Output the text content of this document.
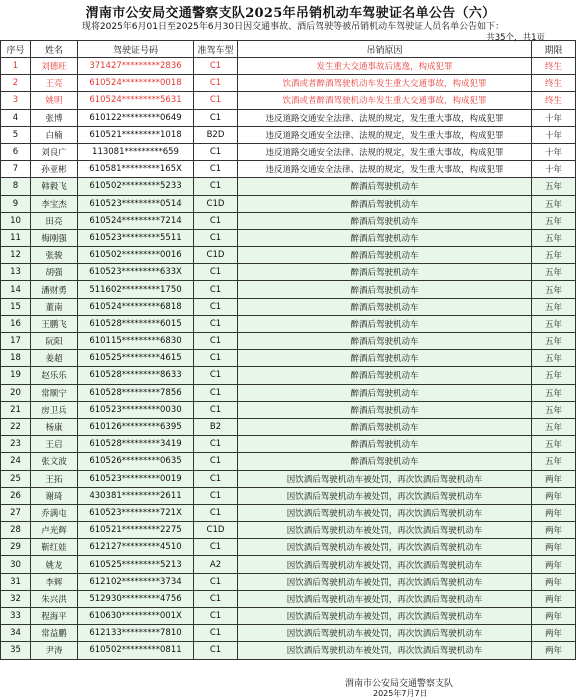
渭南市公安局交通警察支队2025年吊销机动车驾驶证名单公告（六）
现将2025年6月01日至2025年6月30日因交通事故、酒后驾驶等被吊销机动车驾驶证人员名单公告如下：
共35个，共1页
序号	姓名	驾驶证号码	准驾车型	吊销原因	期限
1	刘德旺	371427*********2836	C1	发生重大交通事故后逃逸，构成犯罪	终生
2	王亮	610524*********0018	C1	饮酒或者醉酒驾驶机动车发生重大交通事故，构成犯罪	终生
3	姚明	610524*********5631	C1	饮酒或者醉酒驾驶机动车发生重大交通事故，构成犯罪	终生
4	张博	610122*********0649	C1	违反道路交通安全法律、法规的规定，发生重大事故，构成犯罪	十年
5	白楠	610521*********1018	B2D	违反道路交通安全法律、法规的规定，发生重大事故，构成犯罪	十年
6	刘良广	113081*********659	C1	违反道路交通安全法律、法规的规定，发生重大事故，构成犯罪	十年
7	孙亚彬	610581*********165X	C1	违反道路交通安全法律、法规的规定，发生重大事故，构成犯罪	十年
8	韩毅飞	610502*********5233	C1	醉酒后驾驶机动车	五年
9	李宝杰	610523*********0514	C1D	醉酒后驾驶机动车	五年
10	田亮	610524*********7214	C1	醉酒后驾驶机动车	五年
11	梅刚强	610523*********5511	C1	醉酒后驾驶机动车	五年
12	张骏	610502*********0016	C1D	醉酒后驾驶机动车	五年
13	胡强	610523*********633X	C1	醉酒后驾驶机动车	五年
14	潘财勇	511602*********1750	C1	醉酒后驾驶机动车	五年
15	董南	610524*********6818	C1	醉酒后驾驶机动车	五年
16	王鹏飞	610528*********6015	C1	醉酒后驾驶机动车	五年
17	阮阳	610115*********6830	C1	醉酒后驾驶机动车	五年
18	姜超	610525*********4615	C1	醉酒后驾驶机动车	五年
19	赵乐乐	610528*********8633	C1	醉酒后驾驶机动车	五年
20	常顺宁	610528*********7856	C1	醉酒后驾驶机动车	五年
21	房卫兵	610523*********0030	C1	醉酒后驾驶机动车	五年
22	杨康	610126*********6395	B2	醉酒后驾驶机动车	五年
23	王启	610528*********3419	C1	醉酒后驾驶机动车	五年
24	张文波	610526*********0635	C1	醉酒后驾驶机动车	五年
25	王拓	610523*********0019	C1	因饮酒后驾驶机动车被处罚，再次饮酒后驾驶机动车	两年
26	谢琦	430381*********2611	C1	因饮酒后驾驶机动车被处罚，再次饮酒后驾驶机动车	两年
27	乔满屯	610523*********721X	C1	因饮酒后驾驶机动车被处罚，再次饮酒后驾驶机动车	两年
28	卢光辉	610521*********2275	C1D	因饮酒后驾驶机动车被处罚，再次饮酒后驾驶机动车	两年
29	靳红娃	612127*********4510	C1	因饮酒后驾驶机动车被处罚，再次饮酒后驾驶机动车	两年
30	姚龙	610525*********5213	A2	因饮酒后驾驶机动车被处罚，再次饮酒后驾驶机动车	两年
31	李辉	612102*********3734	C1	因饮酒后驾驶机动车被处罚，再次饮酒后驾驶机动车	两年
32	朱兴洪	512930*********4756	C1	因饮酒后驾驶机动车被处罚，再次饮酒后驾驶机动车	两年
33	程海平	610630*********001X	C1	因饮酒后驾驶机动车被处罚，再次饮酒后驾驶机动车	两年
34	常益鹏	612133*********7810	C1	因饮酒后驾驶机动车被处罚，再次饮酒后驾驶机动车	两年
35	尹涛	610502*********0811	C1	因饮酒后驾驶机动车被处罚，再次饮酒后驾驶机动车	两年
渭南市公安局交通警察支队
2025年7月7日
